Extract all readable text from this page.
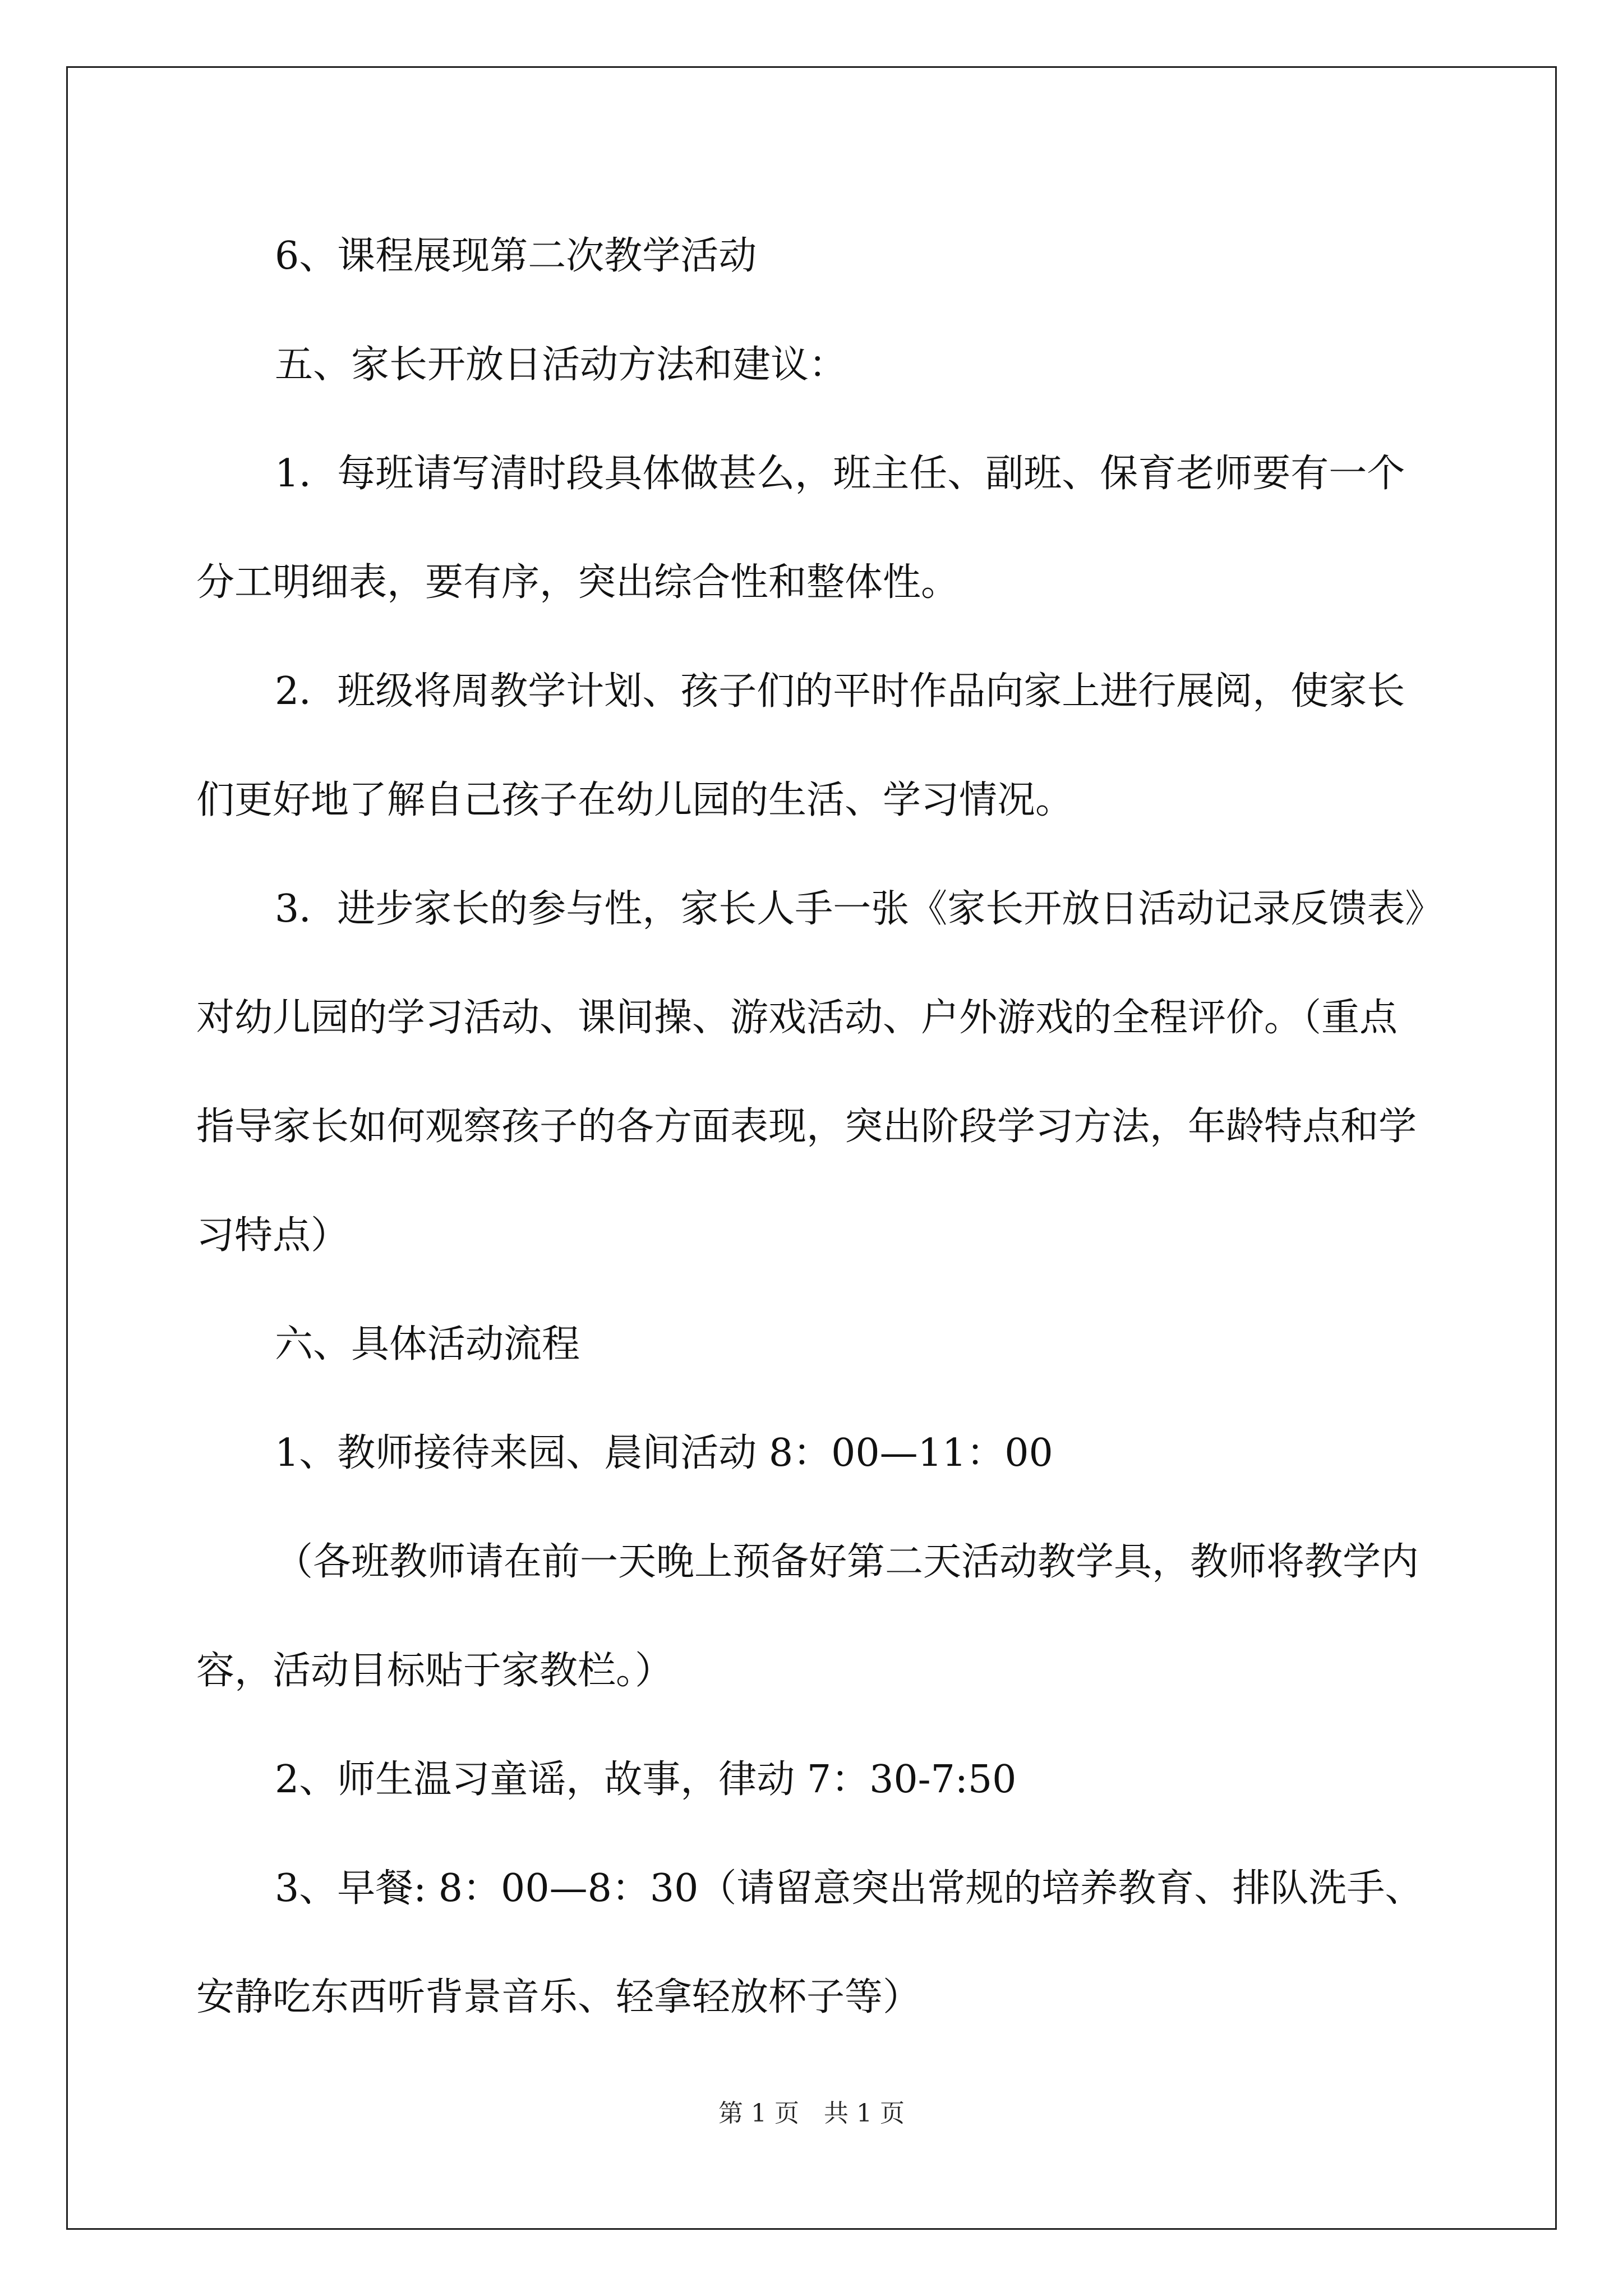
6、课程展现第二次教学活动

五、家长开放日活动方法和建议：

1．每班请写清时段具体做甚么，班主任、副班、保育老师要有一个分工明细表，要有序，突出综合性和整体性。

2．班级将周教学计划、孩子们的平时作品向家上进行展阅，使家长们更好地了解自己孩子在幼儿园的生活、学习情况。

3．进步家长的参与性，家长人手一张《家长开放日活动记录反馈表》对幼儿园的学习活动、课间操、游戏活动、户外游戏的全程评价。（重点指导家长如何观察孩子的各方面表现，突出阶段学习方法，年龄特点和学习特点）

六、具体活动流程

1、教师接待来园、晨间活动 8：00—11：00

（各班教师请在前一天晚上预备好第二天活动教学具，教师将教学内容，活动目标贴于家教栏。）

2、师生温习童谣，故事，律动 7：30-7:50

3、早餐: 8：00—8：30（请留意突出常规的培养教育、排队洗手、安静吃东西听背景音乐、轻拿轻放杯子等）

第 1 页　共 1 页
